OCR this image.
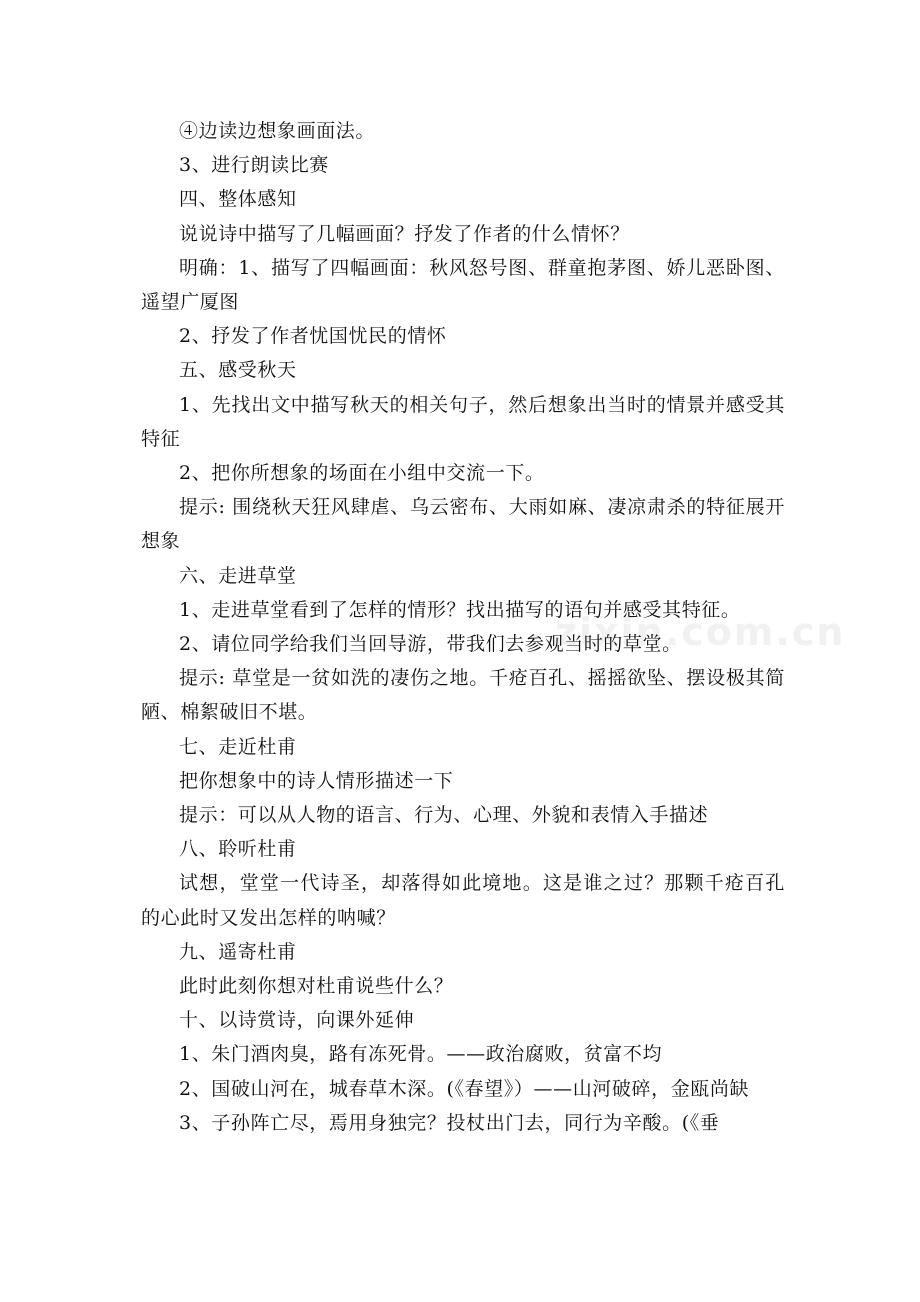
④边读边想象画面法。

3、进行朗读比赛

四、整体感知

说说诗中描写了几幅画面？抒发了作者的什么情怀？

明确：1、描写了四幅画面：秋风怒号图、群童抱茅图、娇儿恶卧图、遥望广厦图

2、抒发了作者忧国忧民的情怀

五、感受秋天

1、先找出文中描写秋天的相关句子，然后想象出当时的情景并感受其特征

2、把你所想象的场面在小组中交流一下。

提示: 围绕秋天狂风肆虐、乌云密布、大雨如麻、凄凉肃杀的特征展开想象

六、走进草堂

1、走进草堂看到了怎样的情形？找出描写的语句并感受其特征。

2、请位同学给我们当回导游，带我们去参观当时的草堂。

提示: 草堂是一贫如洗的凄伤之地。千疮百孔、摇摇欲坠、摆设极其简陋、棉絮破旧不堪。

七、走近杜甫

把你想象中的诗人情形描述一下

提示：可以从人物的语言、行为、心理、外貌和表情入手描述

八、聆听杜甫

试想，堂堂一代诗圣，却落得如此境地。这是谁之过？那颗千疮百孔的心此时又发出怎样的呐喊？

九、遥寄杜甫

此时此刻你想对杜甫说些什么？

十、以诗赏诗，向课外延伸

1、朱门酒肉臭，路有冻死骨。——政治腐败，贫富不均

2、国破山河在，城春草木深。(《春望》）——山河破碎，金瓯尚缺

3、子孙阵亡尽，焉用身独完？投杖出门去，同行为辛酸。(《垂

zixin.com.cn
